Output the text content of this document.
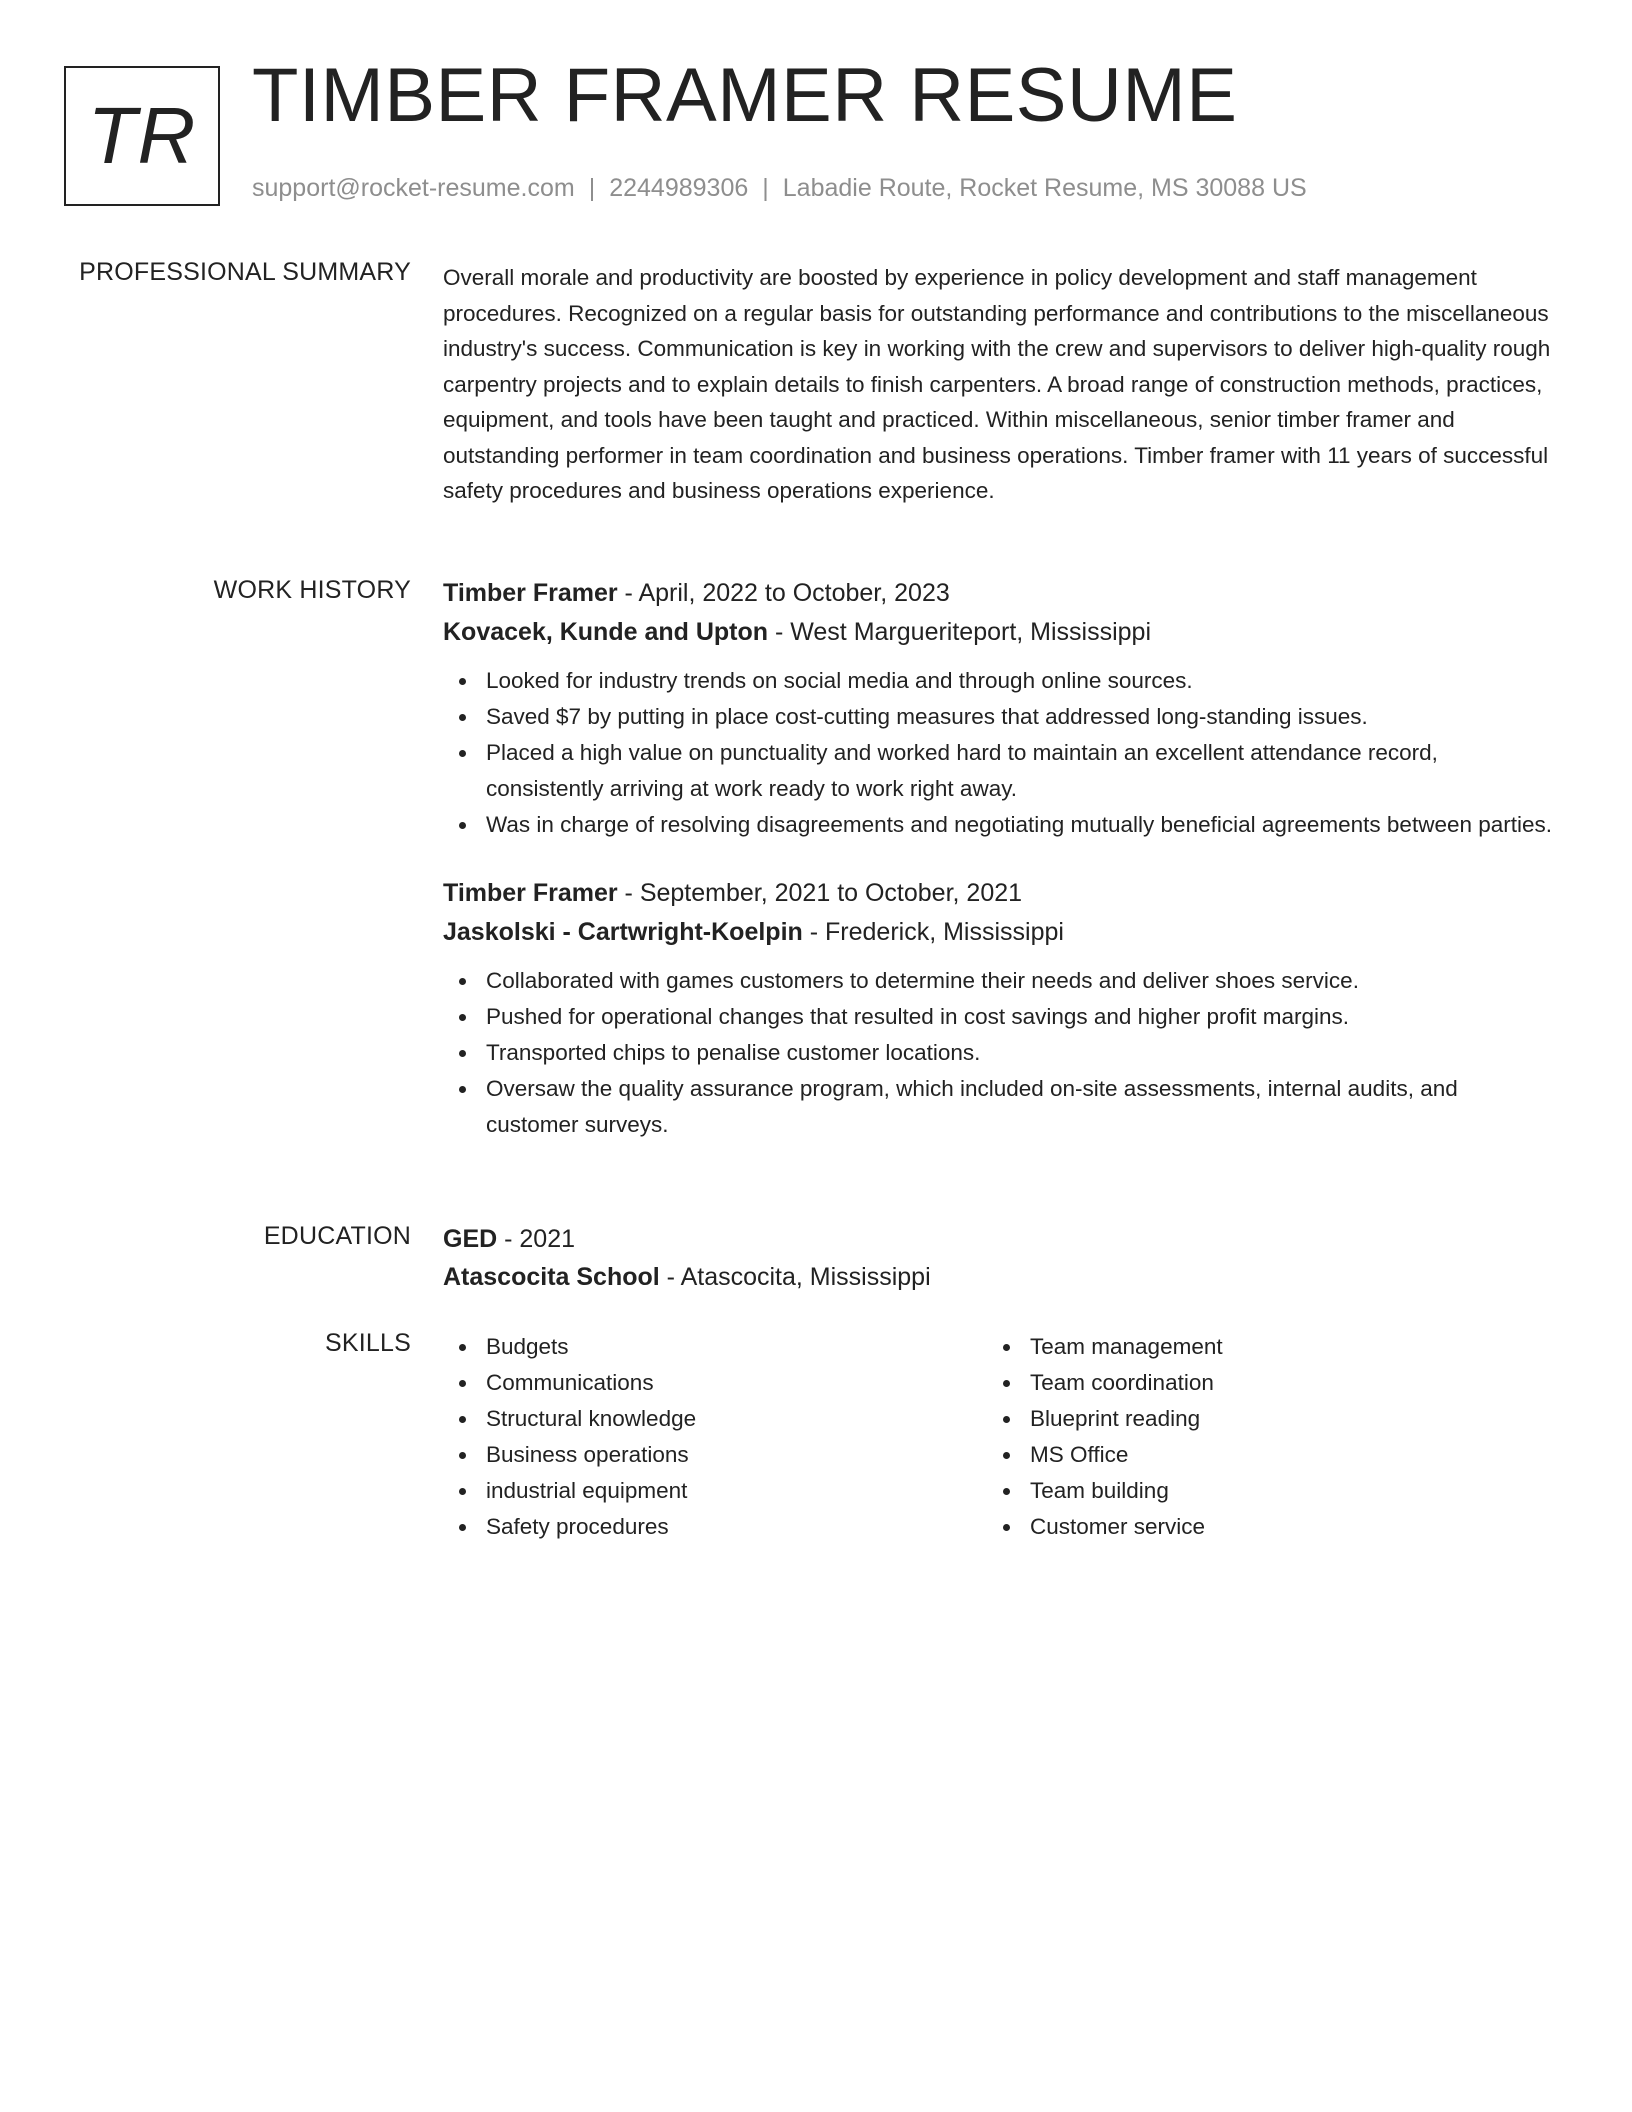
TR TIMBER FRAMER RESUME
support@rocket-resume.com | 2244989306 | Labadie Route, Rocket Resume, MS 30088 US
PROFESSIONAL SUMMARY Overall morale and productivity are boosted by experience in policy development and staff management procedures. Recognized on a regular basis for outstanding performance and contributions to the miscellaneous industry's success. Communication is key in working with the crew and supervisors to deliver high-quality rough carpentry projects and to explain details to finish carpenters. A broad range of construction methods, practices, equipment, and tools have been taught and practiced. Within miscellaneous, senior timber framer and outstanding performer in team coordination and business operations. Timber framer with 11 years of successful safety procedures and business operations experience.

WORK HISTORY Timber Framer - April, 2022 to October, 2023
Kovacek, Kunde and Upton - West Margueriteport, Mississippi
Looked for industry trends on social media and through online sources.
Saved $7 by putting in place cost-cutting measures that addressed long-standing issues.
Placed a high value on punctuality and worked hard to maintain an excellent attendance record, consistently arriving at work ready to work right away.
Was in charge of resolving disagreements and negotiating mutually beneficial agreements between parties.
Timber Framer - September, 2021 to October, 2021
Jaskolski - Cartwright-Koelpin - Frederick, Mississippi
Collaborated with games customers to determine their needs and deliver shoes service.
Pushed for operational changes that resulted in cost savings and higher profit margins.
Transported chips to penalise customer locations.
Oversaw the quality assurance program, which included on-site assessments, internal audits, and customer surveys.
EDUCATION GED - 2021
Atascocita School - Atascocita, Mississippi
SKILLS	Budgets
Communications
Structural knowledge
Business operations
industrial equipment
Safety procedures
Team management
Team coordination
Blueprint reading
MS Office
Team building
Customer service
